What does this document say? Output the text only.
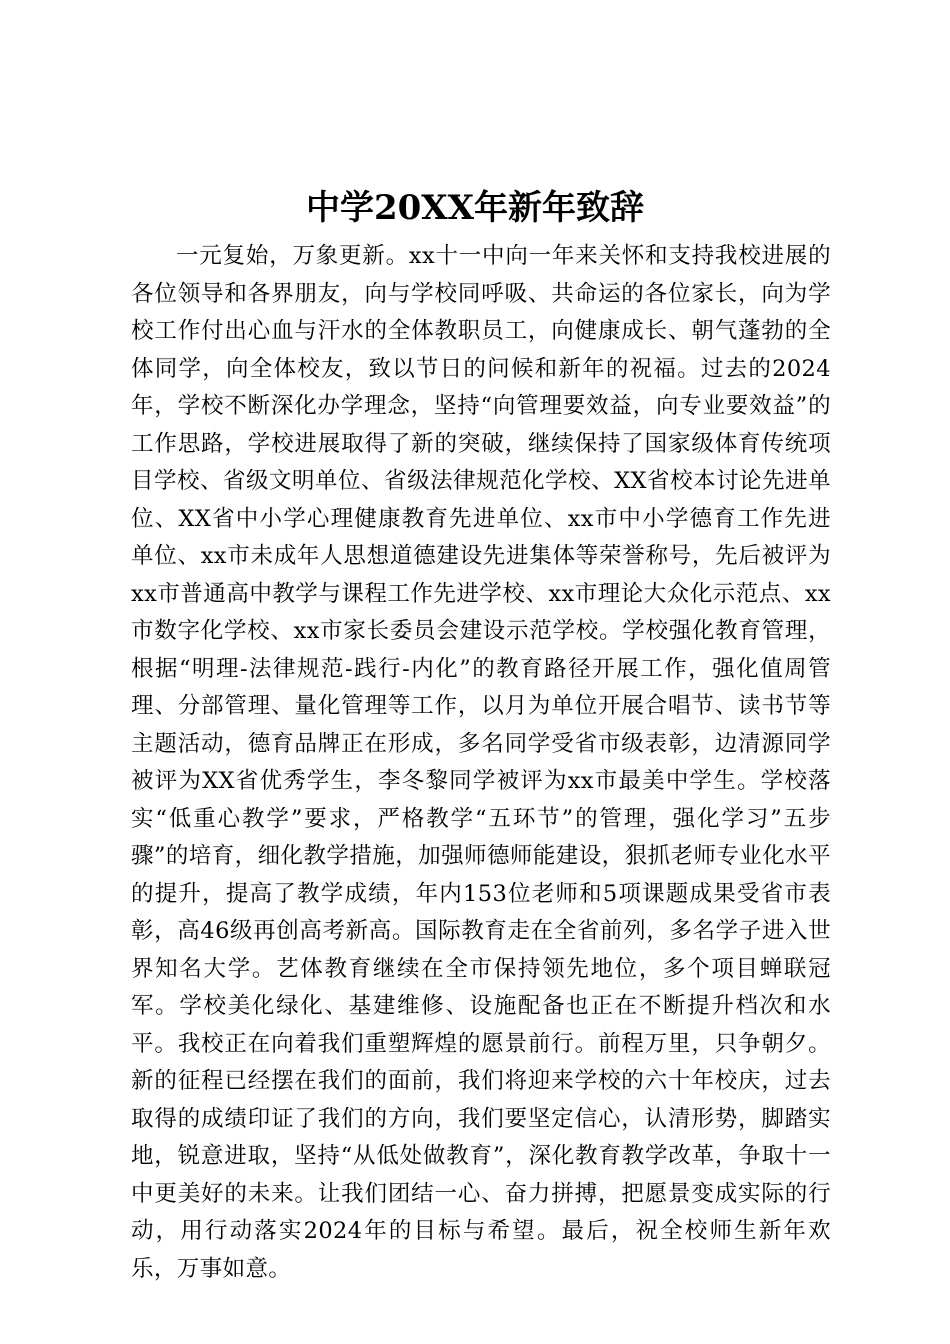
中学20XX年新年致辞

一元复始，万象更新。xx十一中向一年来关怀和支持我校进展的各位领导和各界朋友，向与学校同呼吸、共命运的各位家长，向为学校工作付出心血与汗水的全体教职员工，向健康成长、朝气蓬勃的全体同学，向全体校友，致以节日的问候和新年的祝福。过去的2024年，学校不断深化办学理念，坚持“向管理要效益，向专业要效益”的工作思路，学校进展取得了新的突破，继续保持了国家级体育传统项目学校、省级文明单位、省级法律规范化学校、XX省校本讨论先进单位、XX省中小学心理健康教育先进单位、xx市中小学德育工作先进单位、xx市未成年人思想道德建设先进集体等荣誉称号，先后被评为xx市普通高中教学与课程工作先进学校、xx市理论大众化示范点、xx市数字化学校、xx市家长委员会建设示范学校。学校强化教育管理，根据“明理-法律规范-践行-内化”的教育路径开展工作，强化值周管理、分部管理、量化管理等工作，以月为单位开展合唱节、读书节等主题活动，德育品牌正在形成，多名同学受省市级表彰，边清源同学被评为XX省优秀学生，李冬黎同学被评为xx市最美中学生。学校落实“低重心教学”要求，严格教学“五环节”的管理，强化学习”五步骤”的培育，细化教学措施，加强师德师能建设，狠抓老师专业化水平的提升，提高了教学成绩，年内153位老师和5项课题成果受省市表彰，高46级再创高考新高。国际教育走在全省前列，多名学子进入世界知名大学。艺体教育继续在全市保持领先地位，多个项目蝉联冠军。学校美化绿化、基建维修、设施配备也正在不断提升档次和水平。我校正在向着我们重塑辉煌的愿景前行。前程万里，只争朝夕。新的征程已经摆在我们的面前，我们将迎来学校的六十年校庆，过去取得的成绩印证了我们的方向，我们要坚定信心，认清形势，脚踏实地，锐意进取，坚持“从低处做教育”，深化教育教学改革，争取十一中更美好的未来。让我们团结一心、奋力拼搏，把愿景变成实际的行动，用行动落实2024年的目标与希望。最后，祝全校师生新年欢乐，万事如意。
